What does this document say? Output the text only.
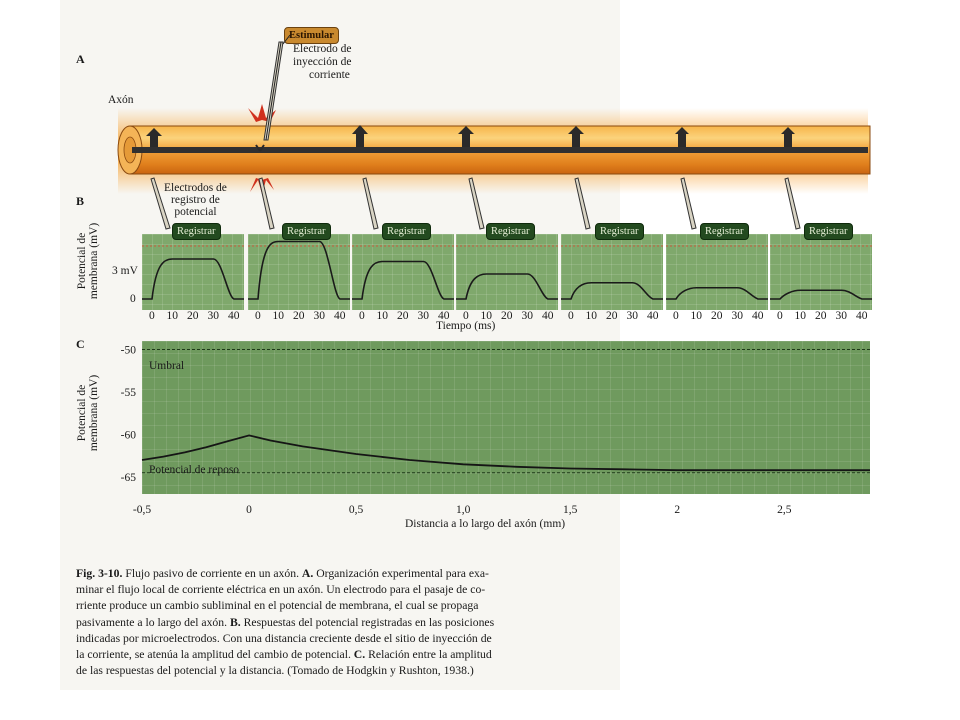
A
Estimular
Electrodo de
inyección de
corriente
Axón
Electrodos de
registro de
potencial
B
Potencial de membrana (mV) 3 mV
0
Registrar
0 10 20 30 40
Registrar
0 10 20 30 40
Registrar
0 10 20 30 40
Registrar
0 10 20 30 40
Registrar
0 10 20 30 40
Registrar
0 10 20 30 40
Registrar
0 10 20 30 40
Tiempo (ms)
C
Potencial de membrana (mV)
-50
-55
-60
-65
-0,5	0	0,5	1,0	1,5	2	2,5
Umbral
Potencial de reposo
Distancia a lo largo del axón (mm)

Fig. 3-10. Flujo pasivo de corriente en un axón. A. Organización experimental para exa-

minar el flujo local de corriente eléctrica en un axón. Un electrodo para el pasaje de co-

rriente produce un cambio subliminal en el potencial de membrana, el cual se propaga

pasivamente a lo largo del axón. B. Respuestas del potencial registradas en las posiciones

indicadas por microelectrodos. Con una distancia creciente desde el sitio de inyección de

la corriente, se atenúa la amplitud del cambio de potencial. C. Relación entre la amplitud

de las respuestas del potencial y la distancia. (Tomado de Hodgkin y Rushton, 1938.)
